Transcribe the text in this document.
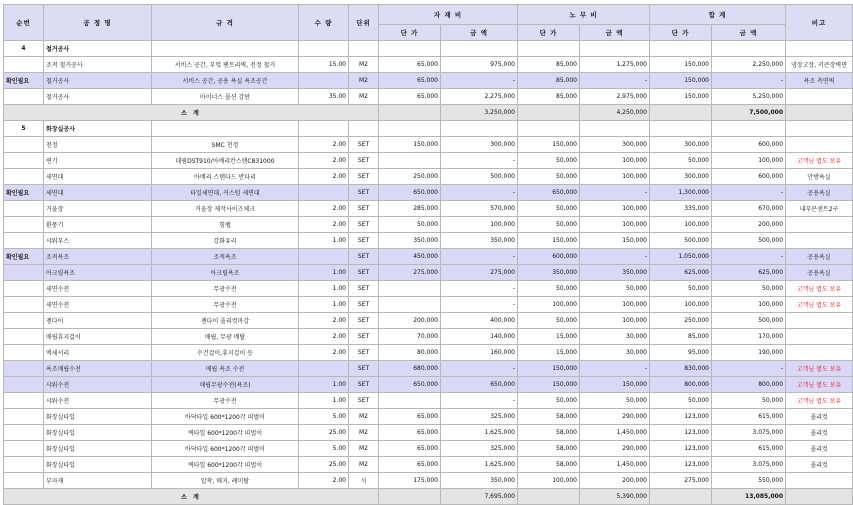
순번	공 정 명	규 격	수 량	단위	자 재 비		노 무 비		합 계		비고
					단 가	금 액	단 가	금 액	단 가	금 액	
4	철거공사										
	조적 철거공사	서비스 공간, 부엌 팬트리벽, 전정 철거	15.00	M2	65,000	975,000	85,000	1,275,000	150,000	2,250,000	냉장고장, 키큰장벽면
확인필요	철거공사	서비스 공간, 공용 욕실 욕조공간		M2	65,000	-	85,000	-	150,000	-	욕조 측면벽
	철거공사	마이너스 몰션 강판	35.00	M2	65,000	2,275,000	85,000	2,975,000	150,000	5,250,000	
소 계						3,250,000		4,250,000		7,500,000	
5	화장실공사										
	천정	SMC 천정	2.00	SET	150,000	300,000	150,000	300,000	300,000	600,000	
	변기	대림DST910/아메리칸스탠C831000	2.00	SET		-	50,000	100,000	50,000	100,000	고객님 별도 보유
	세면대	아메리 스탠다드 반다리	2.00	SET	250,000	500,000	50,000	100,000	300,000	600,000	안방욕실
확인필요	세면대	타일세면대, 커스텀 세면대		SET	650,000	-	650,000	-	1,300,000	-	공용욕실
	거울장	거울장 제작사이즈체크	2.00	SET	285,000	570,000	50,000	100,000	335,000	670,000	내부콘센트2구
	환풍기	힘펠	2.00	SET	50,000	100,000	50,000	100,000	100,000	200,000	
	샤워부스	강화유리	1.00	SET	350,000	350,000	150,000	150,000	500,000	500,000	
확인필요	조적욕조	조적욕조		SET	450,000	-	600,000	-	1,050,000	-	공용욕실
	아크릴욕조	아크릴욕조	1.00	SET	275,000	275,000	350,000	350,000	625,000	625,000	공용욕실
	세면수전	무광수전	1.00	SET		-	50,000	50,000	50,000	50,000	고객님 별도 보유
	세면수전	무광수전	1.00	SET		-	100,000	100,000	100,000	100,000	고객님 별도 보유
	젠다이	젠다이 졸리컷마감	2.00	SET	200,000	400,000	50,000	100,000	250,000	500,000	
	매립휴지걸이	매립, 무광 메탈	2.00	SET	70,000	140,000	15,000	30,000	85,000	170,000	
	액세서리	수건걸이,휴지걸이 등	2.00	SET	80,000	160,000	15,000	30,000	95,000	190,000	
	욕조매립수전	매립 욕조 수전		SET	680,000	-	150,000	-	830,000	-	고객님 별도 보유
	샤워수전	매립무광수전(욕조)	1.00	SET	650,000	650,000	150,000	150,000	800,000	800,000	고객님 별도 보유
	샤워수전	무광수전	1.00	SET		-	50,000	50,000	50,000	50,000	고객님 별도 보유
	화장실타일	바닥타일 600*1200각 띠벌이	5.00	M2	65,000	325,000	58,000	290,000	123,000	615,000	졸리컷
	화장실타일	벽타일 600*1200각 띠벌이	25.00	M2	65,000	1,625,000	58,000	1,450,000	123,000	3,075,000	졸리컷
	화장실타일	바닥타일 600*1200각 띠벌이	5.00	M2	65,000	325,000	58,000	290,000	123,000	615,000	졸리컷
	화장실타일	벽타일 600*1200각 띠벌이	25.00	M2	65,000	1,625,000	58,000	1,450,000	123,000	3,075,000	졸리컷
	부자재	압착, 매지, 레미탈	2.00	식	175,000	350,000	100,000	200,000	275,000	550,000	
소 계						7,695,000		5,390,000		13,085,000	
